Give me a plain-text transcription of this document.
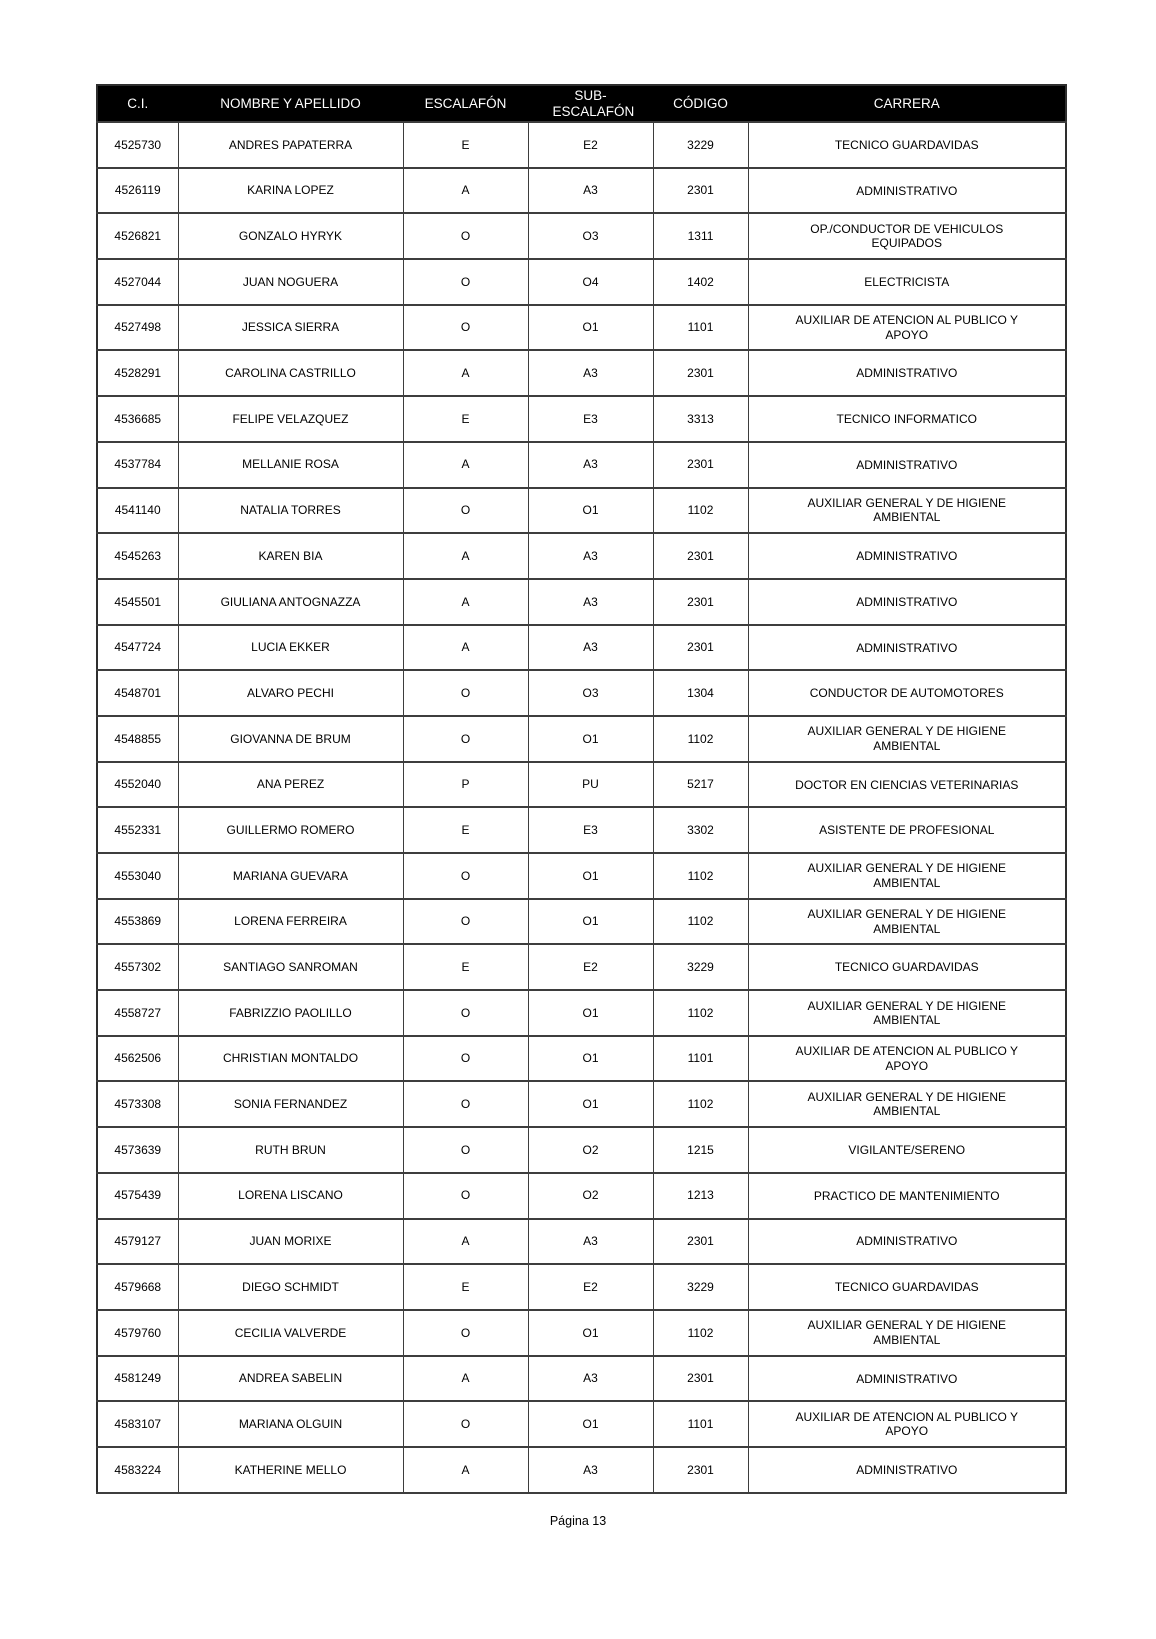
C.I.	NOMBRE Y APELLIDO	ESCALAFÓN	SUB-ESCALAFÓN	CÓDIGO	CARRERA
4525730	ANDRES PAPATERRA	E	E2	3229	TECNICO GUARDAVIDAS
4526119	KARINA LOPEZ	A	A3	2301	ADMINISTRATIVO
4526821	GONZALO HYRYK	O	O3	1311	OP./CONDUCTOR DE VEHICULOS EQUIPADOS
4527044	JUAN NOGUERA	O	O4	1402	ELECTRICISTA
4527498	JESSICA SIERRA	O	O1	1101	AUXILIAR DE ATENCION AL PUBLICO Y APOYO
4528291	CAROLINA CASTRILLO	A	A3	2301	ADMINISTRATIVO
4536685	FELIPE VELAZQUEZ	E	E3	3313	TECNICO INFORMATICO
4537784	MELLANIE ROSA	A	A3	2301	ADMINISTRATIVO
4541140	NATALIA TORRES	O	O1	1102	AUXILIAR GENERAL Y DE HIGIENE AMBIENTAL
4545263	KAREN BIA	A	A3	2301	ADMINISTRATIVO
4545501	GIULIANA ANTOGNAZZA	A	A3	2301	ADMINISTRATIVO
4547724	LUCIA EKKER	A	A3	2301	ADMINISTRATIVO
4548701	ALVARO PECHI	O	O3	1304	CONDUCTOR DE AUTOMOTORES
4548855	GIOVANNA DE BRUM	O	O1	1102	AUXILIAR GENERAL Y DE HIGIENE AMBIENTAL
4552040	ANA PEREZ	P	PU	5217	DOCTOR EN CIENCIAS VETERINARIAS
4552331	GUILLERMO ROMERO	E	E3	3302	ASISTENTE DE PROFESIONAL
4553040	MARIANA GUEVARA	O	O1	1102	AUXILIAR GENERAL Y DE HIGIENE AMBIENTAL
4553869	LORENA FERREIRA	O	O1	1102	AUXILIAR GENERAL Y DE HIGIENE AMBIENTAL
4557302	SANTIAGO SANROMAN	E	E2	3229	TECNICO GUARDAVIDAS
4558727	FABRIZZIO PAOLILLO	O	O1	1102	AUXILIAR GENERAL Y DE HIGIENE AMBIENTAL
4562506	CHRISTIAN MONTALDO	O	O1	1101	AUXILIAR DE ATENCION AL PUBLICO Y APOYO
4573308	SONIA FERNANDEZ	O	O1	1102	AUXILIAR GENERAL Y DE HIGIENE AMBIENTAL
4573639	RUTH BRUN	O	O2	1215	VIGILANTE/SERENO
4575439	LORENA LISCANO	O	O2	1213	PRACTICO DE MANTENIMIENTO
4579127	JUAN MORIXE	A	A3	2301	ADMINISTRATIVO
4579668	DIEGO SCHMIDT	E	E2	3229	TECNICO GUARDAVIDAS
4579760	CECILIA VALVERDE	O	O1	1102	AUXILIAR GENERAL Y DE HIGIENE AMBIENTAL
4581249	ANDREA SABELIN	A	A3	2301	ADMINISTRATIVO
4583107	MARIANA OLGUIN	O	O1	1101	AUXILIAR DE ATENCION AL PUBLICO Y APOYO
4583224	KATHERINE MELLO	A	A3	2301	ADMINISTRATIVO
Página 13
